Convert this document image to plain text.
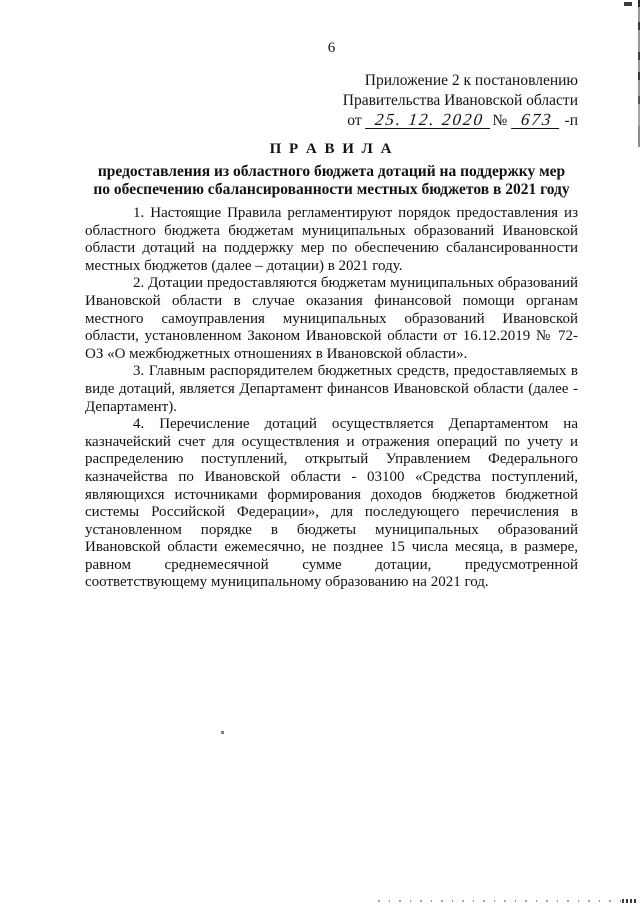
6
Приложение 2 к постановлению
Правительства Ивановской области
от 25. 12. 2020 № 673 -п
П Р А В И Л А
предоставления из областного бюджета дотаций на поддержку мер
по обеспечению сбалансированности местных бюджетов в 2021 году

1. Настоящие Правила регламентируют порядок предоставления из областного бюджета бюджетам муниципальных образований Ивановской области дотаций на поддержку мер по обеспечению сбалансированности местных бюджетов (далее – дотации) в 2021 году.

2. Дотации предоставляются бюджетам муниципальных образований Ивановской области в случае оказания финансовой помощи органам местного самоуправления муниципальных образований Ивановской области, установленном Законом Ивановской области от 16.12.2019 № 72-ОЗ «О межбюджетных отношениях в Ивановской области».

3. Главным распорядителем бюджетных средств, предоставляемых в виде дотаций, является Департамент финансов Ивановской области (далее - Департамент).

4. Перечисление дотаций осуществляется Департаментом на казначейский счет для осуществления и отражения операций по учету и распределению поступлений, открытый Управлением Федерального казначейства по Ивановской области - 03100 «Средства поступлений, являющихся источниками формирования доходов бюджетов бюджетной системы Российской Федерации», для последующего перечисления в установленном порядке в бюджеты муниципальных образований Ивановской области ежемесячно, не позднее 15 числа месяца, в размере, равном среднемесячной сумме дотации, предусмотренной соответствующему муниципальному образованию на 2021 год.
